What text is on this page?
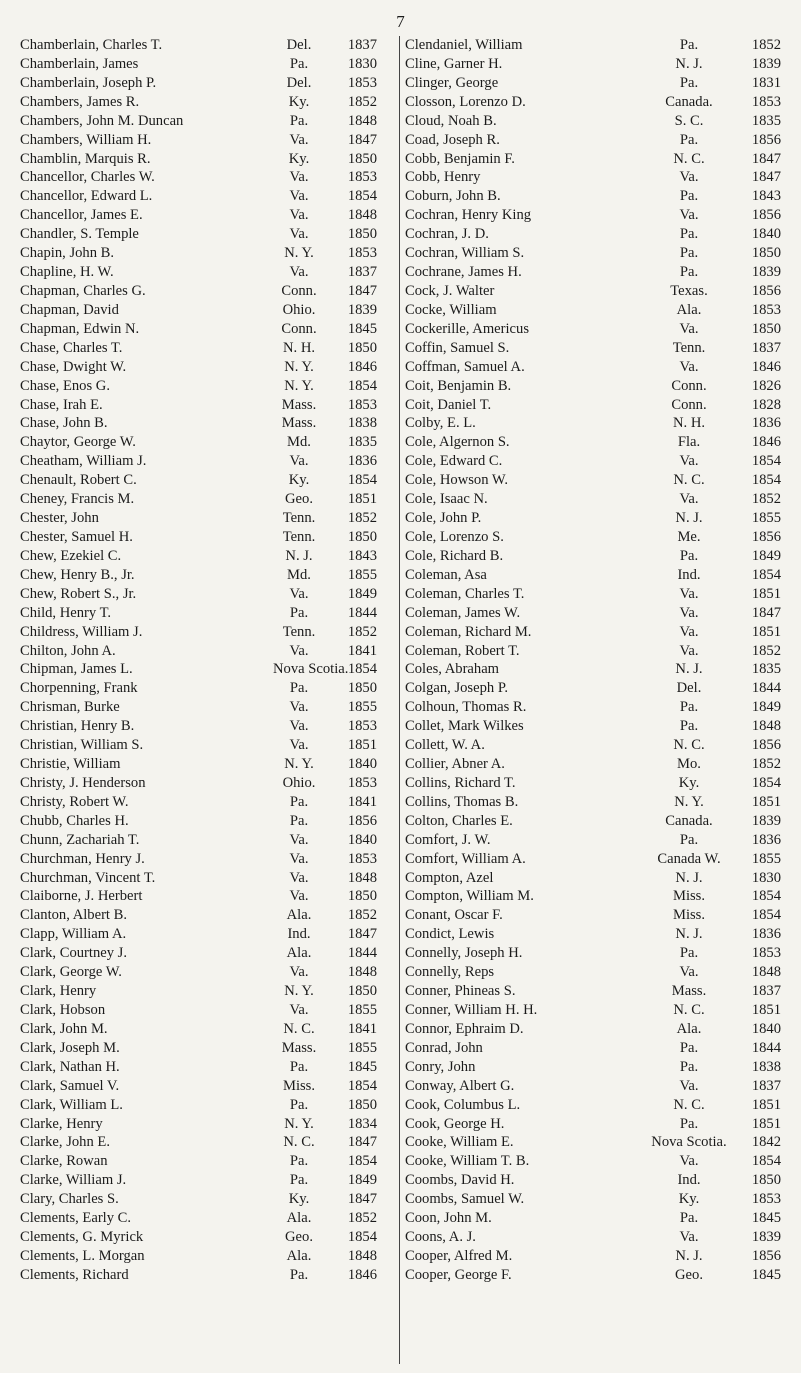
7
Chamberlain, Charles T.	Del.	1837
Chamberlain, James	Pa.	1830
Chamberlain, Joseph P.	Del.	1853
Chambers, James R.	Ky.	1852
Chambers, John M. Duncan	Pa.	1848
Chambers, William H.	Va.	1847
Chamblin, Marquis R.	Ky.	1850
Chancellor, Charles W.	Va.	1853
Chancellor, Edward L.	Va.	1854
Chancellor, James E.	Va.	1848
Chandler, S. Temple	Va.	1850
Chapin, John B.	N. Y.	1853
Chapline, H. W.	Va.	1837
Chapman, Charles G.	Conn.	1847
Chapman, David	Ohio.	1839
Chapman, Edwin N.	Conn.	1845
Chase, Charles T.	N. H.	1850
Chase, Dwight W.	N. Y.	1846
Chase, Enos G.	N. Y.	1854
Chase, Irah E.	Mass.	1853
Chase, John B.	Mass.	1838
Chaytor, George W.	Md.	1835
Cheatham, William J.	Va.	1836
Chenault, Robert C.	Ky.	1854
Cheney, Francis M.	Geo.	1851
Chester, John	Tenn.	1852
Chester, Samuel H.	Tenn.	1850
Chew, Ezekiel C.	N. J.	1843
Chew, Henry B., Jr.	Md.	1855
Chew, Robert S., Jr.	Va.	1849
Child, Henry T.	Pa.	1844
Childress, William J.	Tenn.	1852
Chilton, John A.	Va.	1841
Chipman, James L.	Nova Scotia. 1854
Chorpenning, Frank	Pa.	1850
Chrisman, Burke	Va.	1855
Christian, Henry B.	Va.	1853
Christian, William S.	Va.	1851
Christie, William	N. Y.	1840
Christy, J. Henderson	Ohio.	1853
Christy, Robert W.	Pa.	1841
Chubb, Charles H.	Pa.	1856
Chunn, Zachariah T.	Va.	1840
Churchman, Henry J.	Va.	1853
Churchman, Vincent T.	Va.	1848
Claiborne, J. Herbert	Va.	1850
Clanton, Albert B.	Ala.	1852
Clapp, William A.	Ind.	1847
Clark, Courtney J.	Ala.	1844
Clark, George W.	Va.	1848
Clark, Henry	N. Y.	1850
Clark, Hobson	Va.	1855
Clark, John M.	N. C.	1841
Clark, Joseph M.	Mass.	1855
Clark, Nathan H.	Pa.	1845
Clark, Samuel V.	Miss.	1854
Clark, William L.	Pa.	1850
Clarke, Henry	N. Y.	1834
Clarke, John E.	N. C.	1847
Clarke, Rowan	Pa.	1854
Clarke, William J.	Pa.	1849
Clary, Charles S.	Ky.	1847
Clements, Early C.	Ala.	1852
Clements, G. Myrick	Geo.	1854
Clements, L. Morgan	Ala.	1848
Clements, Richard	Pa.	1846
Clendaniel, William	Pa.	1852
Cline, Garner H.	N. J.	1839
Clinger, George	Pa.	1831
Closson, Lorenzo D.	Canada.	1853
Cloud, Noah B.	S. C.	1835
Coad, Joseph R.	Pa.	1856
Cobb, Benjamin F.	N. C.	1847
Cobb, Henry	Va.	1847
Coburn, John B.	Pa.	1843
Cochran, Henry King	Va.	1856
Cochran, J. D.	Pa.	1840
Cochran, William S.	Pa.	1850
Cochrane, James H.	Pa.	1839
Cock, J. Walter	Texas.	1856
Cocke, William	Ala.	1853
Cockerille, Americus	Va.	1850
Coffin, Samuel S.	Tenn.	1837
Coffman, Samuel A.	Va.	1846
Coit, Benjamin B.	Conn.	1826
Coit, Daniel T.	Conn.	1828
Colby, E. L.	N. H.	1836
Cole, Algernon S.	Fla.	1846
Cole, Edward C.	Va.	1854
Cole, Howson W.	N. C.	1854
Cole, Isaac N.	Va.	1852
Cole, John P.	N. J.	1855
Cole, Lorenzo S.	Me.	1856
Cole, Richard B.	Pa.	1849
Coleman, Asa	Ind.	1854
Coleman, Charles T.	Va.	1851
Coleman, James W.	Va.	1847
Coleman, Richard M.	Va.	1851
Coleman, Robert T.	Va.	1852
Coles, Abraham	N. J.	1835
Colgan, Joseph P.	Del.	1844
Colhoun, Thomas R.	Pa.	1849
Collet, Mark Wilkes	Pa.	1848
Collett, W. A.	N. C.	1856
Collier, Abner A.	Mo.	1852
Collins, Richard T.	Ky.	1854
Collins, Thomas B.	N. Y.	1851
Colton, Charles E.	Canada.	1839
Comfort, J. W.	Pa.	1836
Comfort, William A.	Canada W.	1855
Compton, Azel	N. J.	1830
Compton, William M.	Miss.	1854
Conant, Oscar F.	Miss.	1854
Condict, Lewis	N. J.	1836
Connelly, Joseph H.	Pa.	1853
Connelly, Reps	Va.	1848
Conner, Phineas S.	Mass.	1837
Conner, William H. H.	N. C.	1851
Connor, Ephraim D.	Ala.	1840
Conrad, John	Pa.	1844
Conry, John	Pa.	1838
Conway, Albert G.	Va.	1837
Cook, Columbus L.	N. C.	1851
Cook, George H.	Pa.	1851
Cooke, William E.	Nova Scotia.	1842
Cooke, William T. B.	Va.	1854
Coombs, David H.	Ind.	1850
Coombs, Samuel W.	Ky.	1853
Coon, John M.	Pa.	1845
Coons, A. J.	Va.	1839
Cooper, Alfred M.	N. J.	1856
Cooper, George F.	Geo.	1845
